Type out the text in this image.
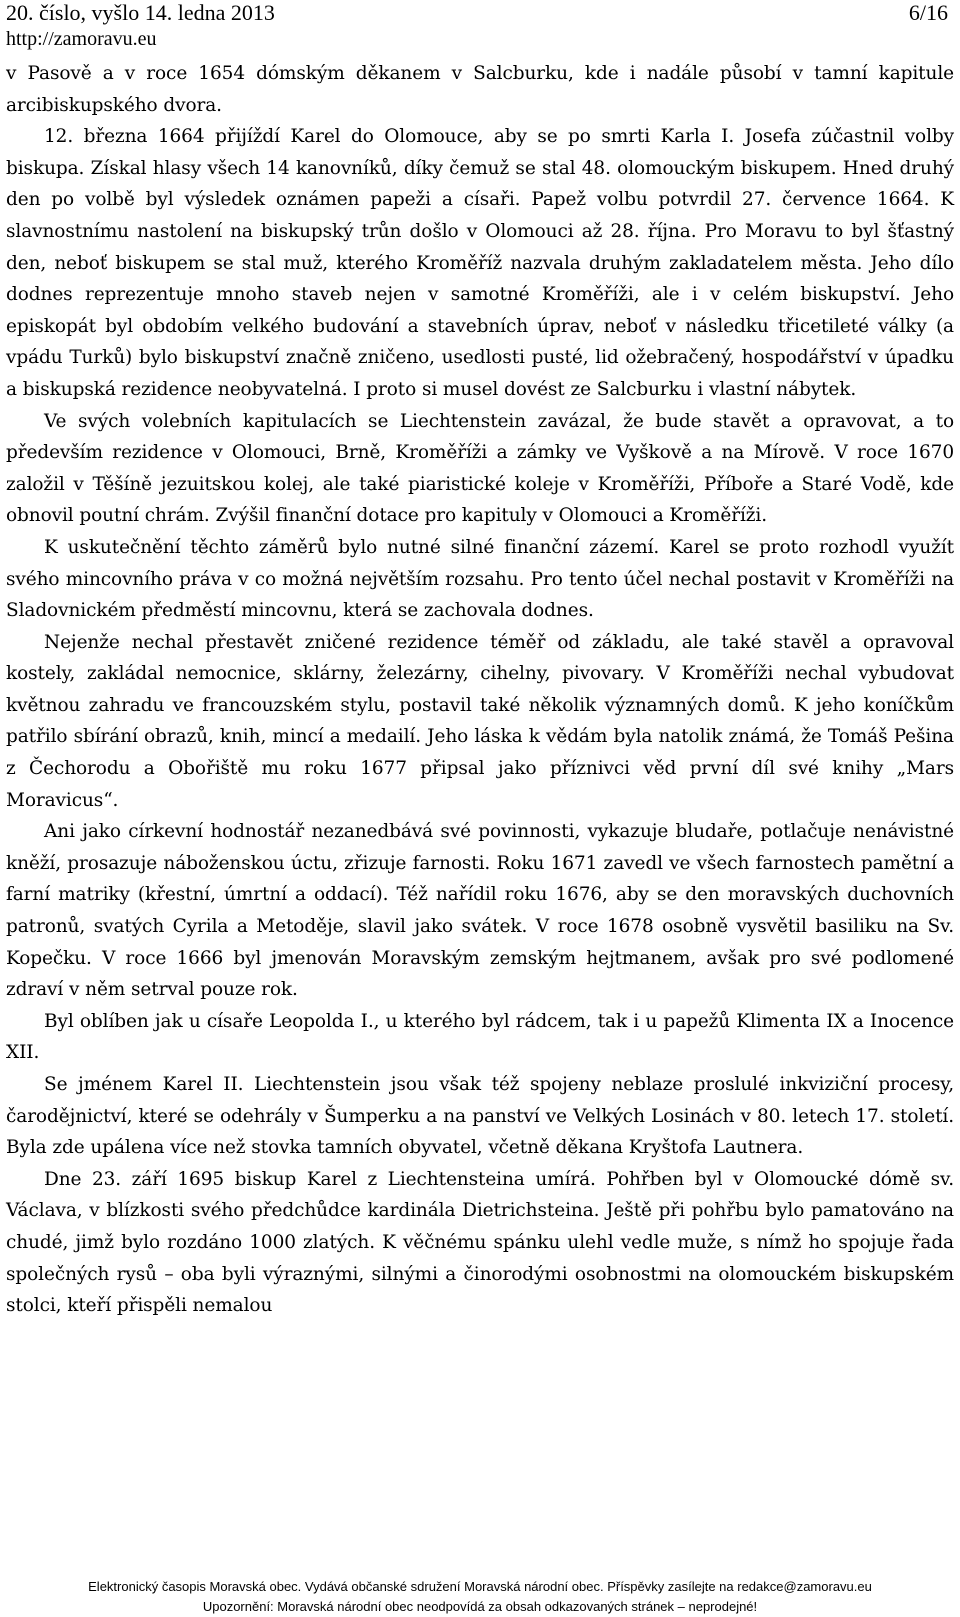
20. číslo, vyšlo 14. ledna 2013	6/16
http://zamoravu.eu

v Pasově a v roce 1654 dómským děkanem v Salcburku, kde i nadále působí v tamní kapitule arcibiskupského dvora.

12. března 1664 přijíždí Karel do Olomouce, aby se po smrti Karla I. Josefa zúčastnil volby biskupa. Získal hlasy všech 14 kanovníků, díky čemuž se stal 48. olomouckým biskupem. Hned druhý den po volbě byl výsledek oznámen papeži a císaři. Papež volbu potvrdil 27. července 1664. K slavnostnímu nastolení na biskupský trůn došlo v Olomouci až 28. října. Pro Moravu to byl šťastný den, neboť biskupem se stal muž, kterého Kroměříž nazvala druhým zakladatelem města. Jeho dílo dodnes reprezentuje mnoho staveb nejen v samotné Kroměříži, ale i v celém biskupství. Jeho episkopát byl obdobím velkého budování a stavebních úprav, neboť v následku třicetileté války (a vpádu Turků) bylo biskupství značně zničeno, usedlosti pusté, lid ožebračený, hospodářství v úpadku a biskupská rezidence neobyvatelná. I proto si musel dovést ze Salcburku i vlastní nábytek.

Ve svých volebních kapitulacích se Liechtenstein zavázal, že bude stavět a opravovat, a to především rezidence v Olomouci, Brně, Kroměříži a zámky ve Vyškově a na Mírově. V roce 1670 založil v Těšíně jezuitskou kolej, ale také piaristické koleje v Kroměříži, Příboře a Staré Vodě, kde obnovil poutní chrám. Zvýšil finanční dotace pro kapituly v Olomouci a Kroměříži.

K uskutečnění těchto záměrů bylo nutné silné finanční zázemí. Karel se proto rozhodl využít svého mincovního práva v co možná největším rozsahu. Pro tento účel nechal postavit v Kroměříži na Sladovnickém předměstí mincovnu, která se zachovala dodnes.

Nejenže nechal přestavět zničené rezidence téměř od základu, ale také stavěl a opravoval kostely, zakládal nemocnice, sklárny, železárny, cihelny, pivovary. V Kroměříži nechal vybudovat květnou zahradu ve francouzském stylu, postavil také několik významných domů. K jeho koníčkům patřilo sbírání obrazů, knih, mincí a medailí. Jeho láska k vědám byla natolik známá, že Tomáš Pešina z Čechorodu a Obořiště mu roku 1677 připsal jako příznivci věd první díl své knihy „Mars Moravicus“.

Ani jako církevní hodnostář nezanedbává své povinnosti, vykazuje bludaře, potlačuje nenávistné kněží, prosazuje náboženskou úctu, zřizuje farnosti. Roku 1671 zavedl ve všech farnostech pamětní a farní matriky (křestní, úmrtní a oddací). Též nařídil roku 1676, aby se den moravských duchovních patronů, svatých Cyrila a Metoděje, slavil jako svátek. V roce 1678 osobně vysvětil basiliku na Sv. Kopečku. V roce 1666 byl jmenován Moravským zemským hejtmanem, avšak pro své podlomené zdraví v něm setrval pouze rok.

Byl oblíben jak u císaře Leopolda I., u kterého byl rádcem, tak i u papežů Klimenta IX a Inocence XII.

Se jménem Karel II. Liechtenstein jsou však též spojeny neblaze proslulé inkviziční procesy, čarodějnictví, které se odehrály v Šumperku a na panství ve Velkých Losinách v 80. letech 17. století. Byla zde upálena více než stovka tamních obyvatel, včetně děkana Kryštofa Lautnera.

Dne 23. září 1695 biskup Karel z Liechtensteina umírá. Pohřben byl v Olomoucké dómě sv. Václava, v blízkosti svého předchůdce kardinála Dietrichsteina. Ještě při pohřbu bylo pamatováno na chudé, jimž bylo rozdáno 1000 zlatých. K věčnému spánku ulehl vedle muže, s nímž ho spojuje řada společných rysů – oba byli výraznými, silnými a činorodými osobnostmi na olomouckém biskupském stolci, kteří přispěli nemalou

Elektronický časopis Moravská obec. Vydává občanské sdružení Moravská národní obec. Příspěvky zasílejte na redakce@zamoravu.eu
Upozornění: Moravská národní obec neodpovídá za obsah odkazovaných stránek – neprodejné!
